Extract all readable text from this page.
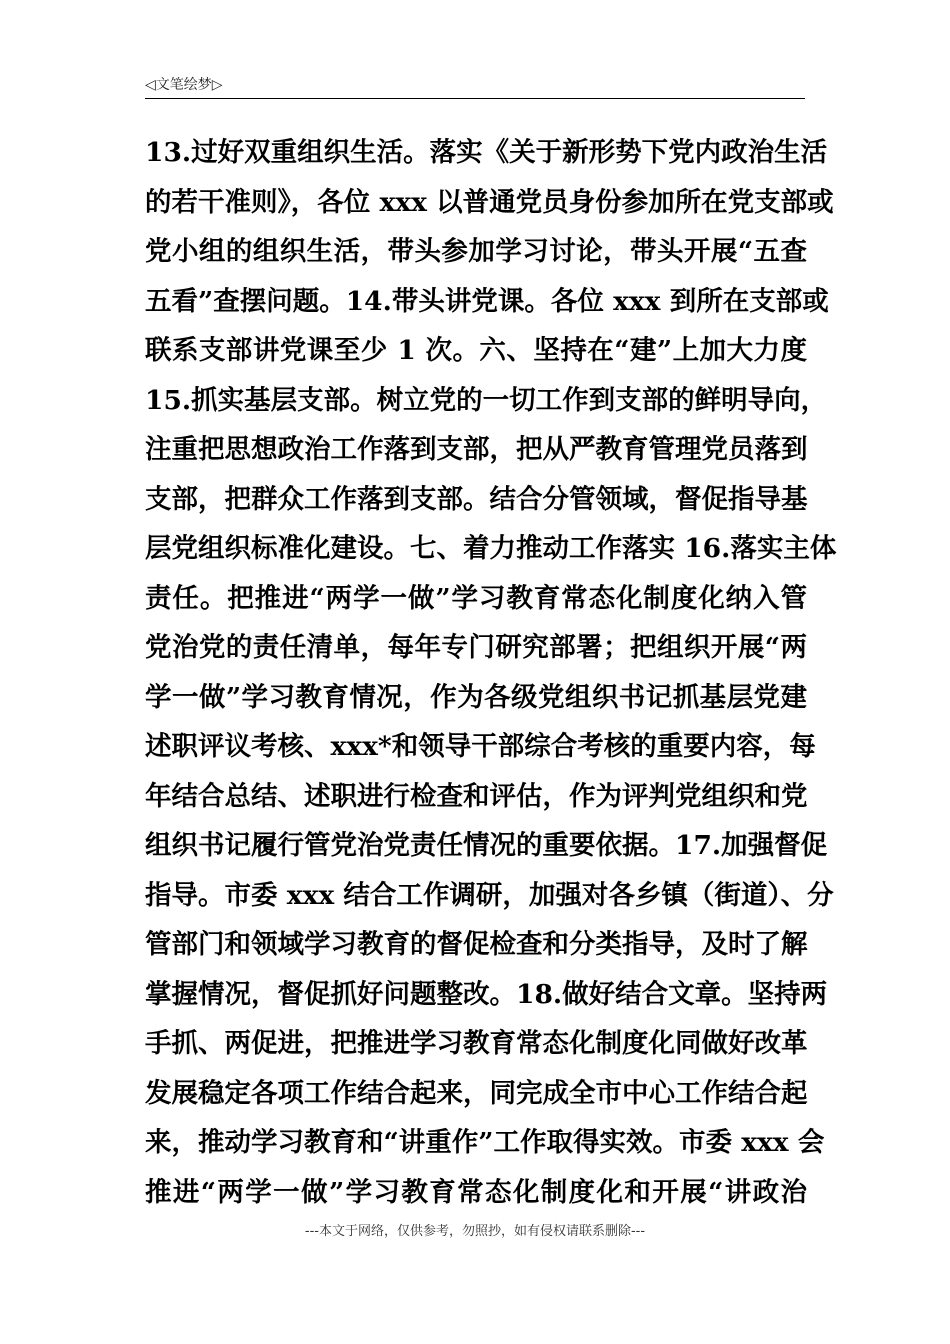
◁文笔绘梦▷
13.过好双重组织生活。落实《关于新形势下党内政治生活
的若干准则》，各位 xxx 以普通党员身份参加所在党支部或
党小组的组织生活，带头参加学习讨论，带头开展“五查
五看”查摆问题。14.带头讲党课。各位 xxx 到所在支部或
联系支部讲党课至少 1 次。六、坚持在“建”上加大力度
15.抓实基层支部。树立党的一切工作到支部的鲜明导向，
注重把思想政治工作落到支部，把从严教育管理党员落到
支部，把群众工作落到支部。结合分管领域，督促指导基
层党组织标准化建设。七、着力推动工作落实 16.落实主体
责任。把推进“两学一做”学习教育常态化制度化纳入管
党治党的责任清单，每年专门研究部署；把组织开展“两
学一做”学习教育情况，作为各级党组织书记抓基层党建
述职评议考核、xxx*和领导干部综合考核的重要内容，每
年结合总结、述职进行检查和评估，作为评判党组织和党
组织书记履行管党治党责任情况的重要依据。17.加强督促
指导。市委 xxx 结合工作调研，加强对各乡镇（街道）、分
管部门和领域学习教育的督促检查和分类指导，及时了解
掌握情况，督促抓好问题整改。18.做好结合文章。坚持两
手抓、两促进，把推进学习教育常态化制度化同做好改革
发展稳定各项工作结合起来，同完成全市中心工作结合起
来，推动学习教育和“讲重作”工作取得实效。市委 xxx 会
推进“两学一做”学习教育常态化制度化和开展“讲政治
---本文于网络，仅供参考，勿照抄，如有侵权请联系删除---
